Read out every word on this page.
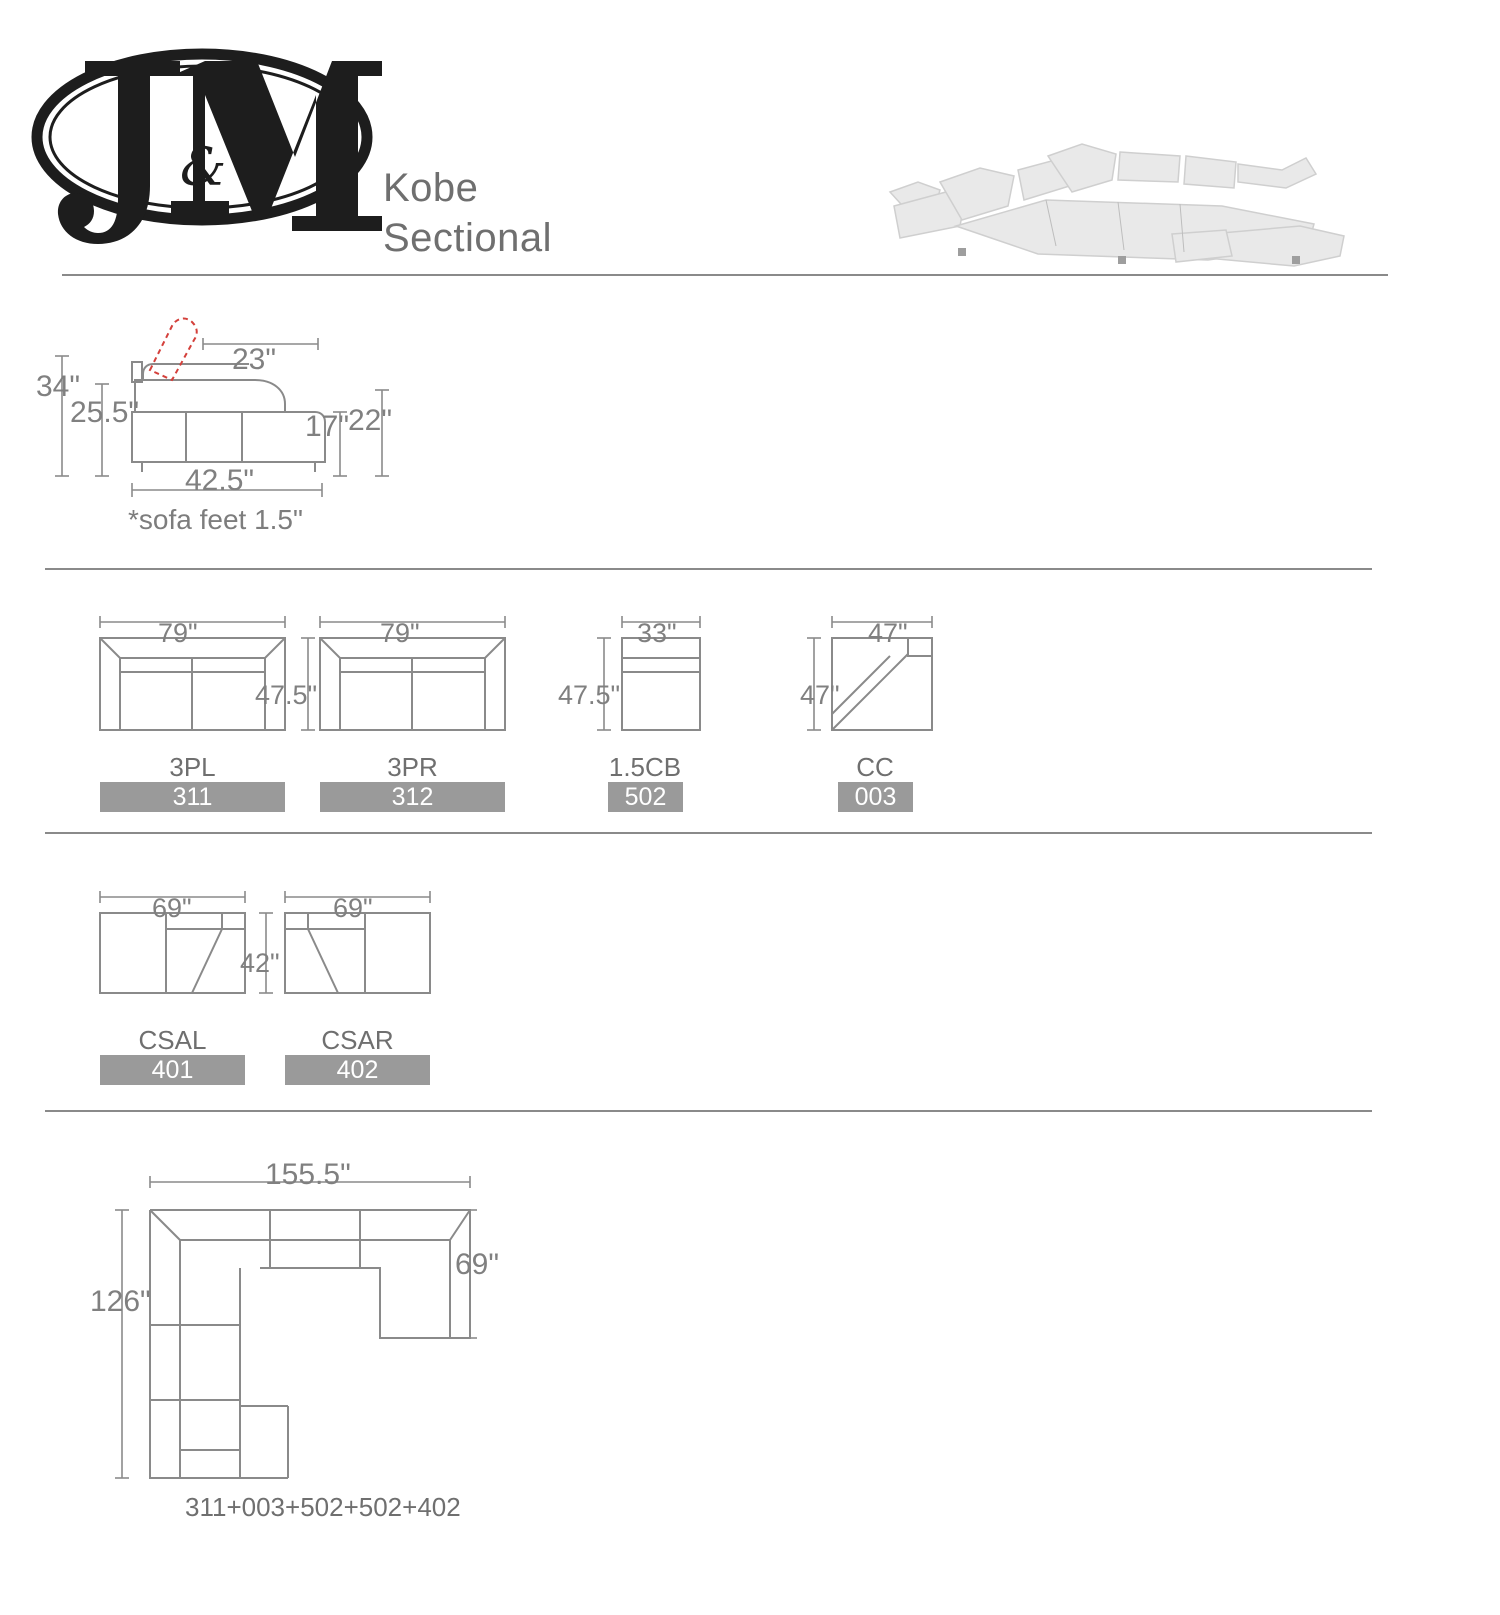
&	Kobe
Sectional
34"
25.5"
23"
42.5"
17"
22"
*sofa feet 1.5"
79"
47.5"
3PL
311
79"
3PR
312
33"
47.5"
1.5CB
502
47"
47"
CC
003
69"
42"
CSAL
401
69"
CSAR
402
155.5"
69"
126"
311+003+502+502+402
